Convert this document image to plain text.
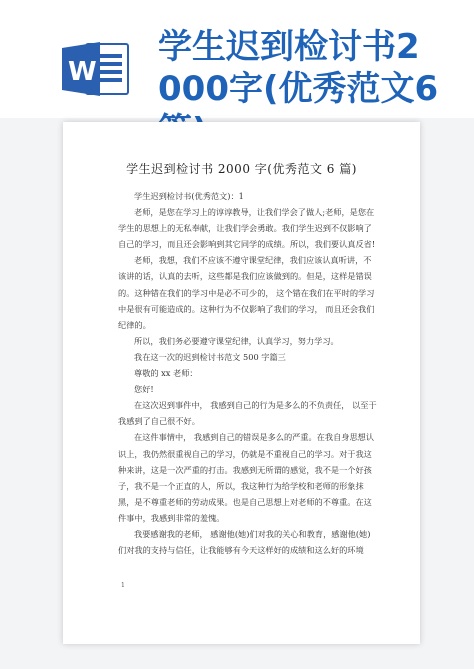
W
学生迟到检讨书2
000字(优秀范文6
学生迟到检讨书 2000 字(优秀范文 6 篇)

学生迟到检讨书(优秀范文)：1

老师，是您在学习上的谆谆教导，让我们学会了做人;老师，是您在学生的思想上的无私奉献，让我们学会勇敢。我们学生迟到不仅影响了自己的学习，而且还会影响到其它同学的成绩。所以，我们要认真反省!

老师，我想，我们不应该不遵守课堂纪律，我们应该认真听讲，不该讲的话，认真的去听，这些都是我们应该做到的。但是，这样是错误的。这种错在我们的学习中是必不可少的， 这个错在我们在平时的学习中是很有可能造成的。这种行为不仅影响了我们的学习， 而且还会我们纪律的。

所以，我们务必要遵守课堂纪律，认真学习，努力学习。

我在这一次的迟到检讨书范文 500 字篇三

尊敬的 xx 老师：

您好!

在这次迟到事件中， 我感到自己的行为是多么的不负责任， 以至于我感到了自己很不好。

在这件事情中， 我感到自己的错误是多么的严重。在我自身思想认识上，我仍然很重视自己的学习，仍就是不重视自己的学习。对于我这种来讲，这是一次严重的打击。我感到无所谓的感觉，我不是一个好孩子，我不是一个正直的人，所以，我这种行为给学校和老师的形象抹黑，是不尊重老师的劳动成果。也是自己思想上对老师的不尊重。在这件事中，我感到非常的羞愧。

我要感谢我的老师， 感谢他(她)们对我的关心和教育，感谢他(她)们对我的支持与信任，让我能够有今天这样好的成绩和这么好的环境

1
